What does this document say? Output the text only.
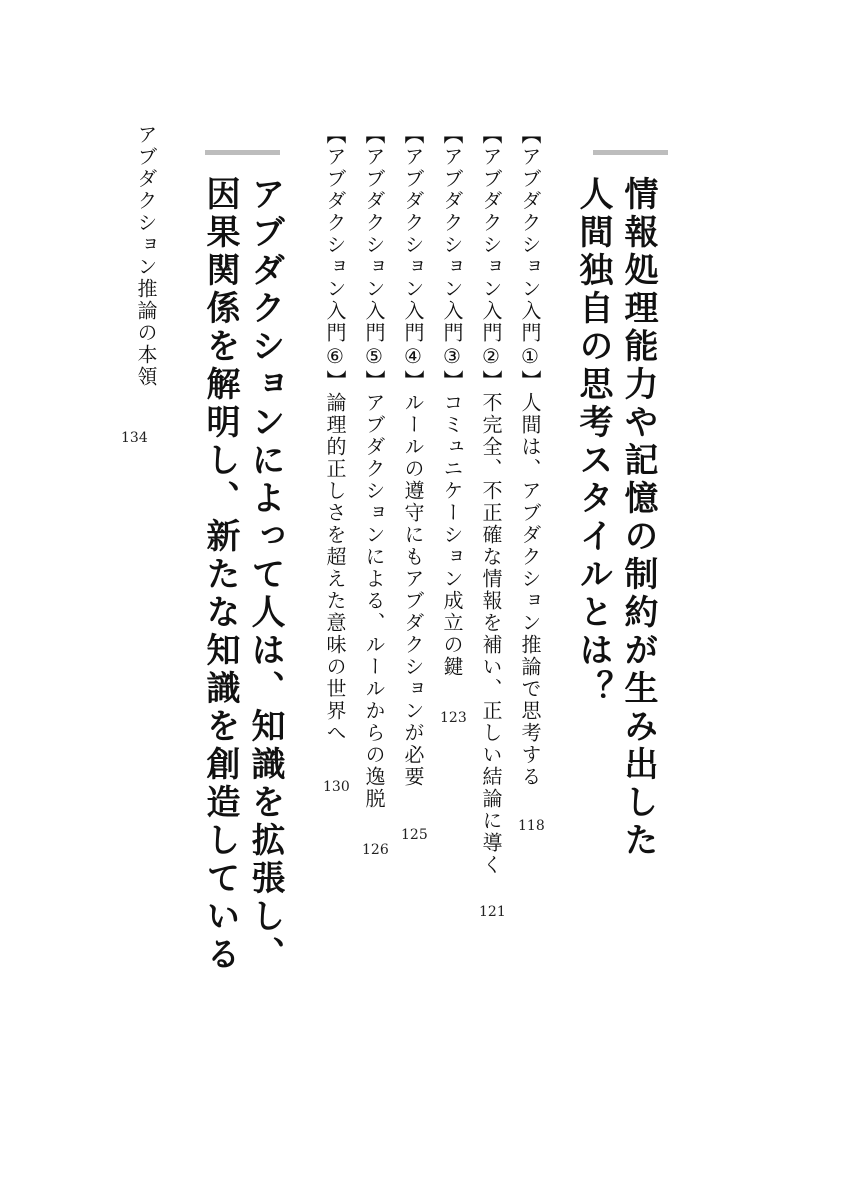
情報処理能力や記憶の制約が生み出した
人間独自の思考スタイルとは？
【アブダクション入門①】人間は、アブダクション推論で思考する
118
【アブダクション入門②】不完全、不正確な情報を補い、正しい結論に導く
121
【アブダクション入門③】コミュニケーション成立の鍵
123
【アブダクション入門④】ルールの遵守にもアブダクションが必要
125
【アブダクション入門⑤】アブダクションによる、ルールからの逸脱
126
【アブダクション入門⑥】論理的正しさを超えた意味の世界へ
130
アブダクションによって人は、知識を拡張し、
因果関係を解明し、新たな知識を創造している
アブダクション推論の本領
134
